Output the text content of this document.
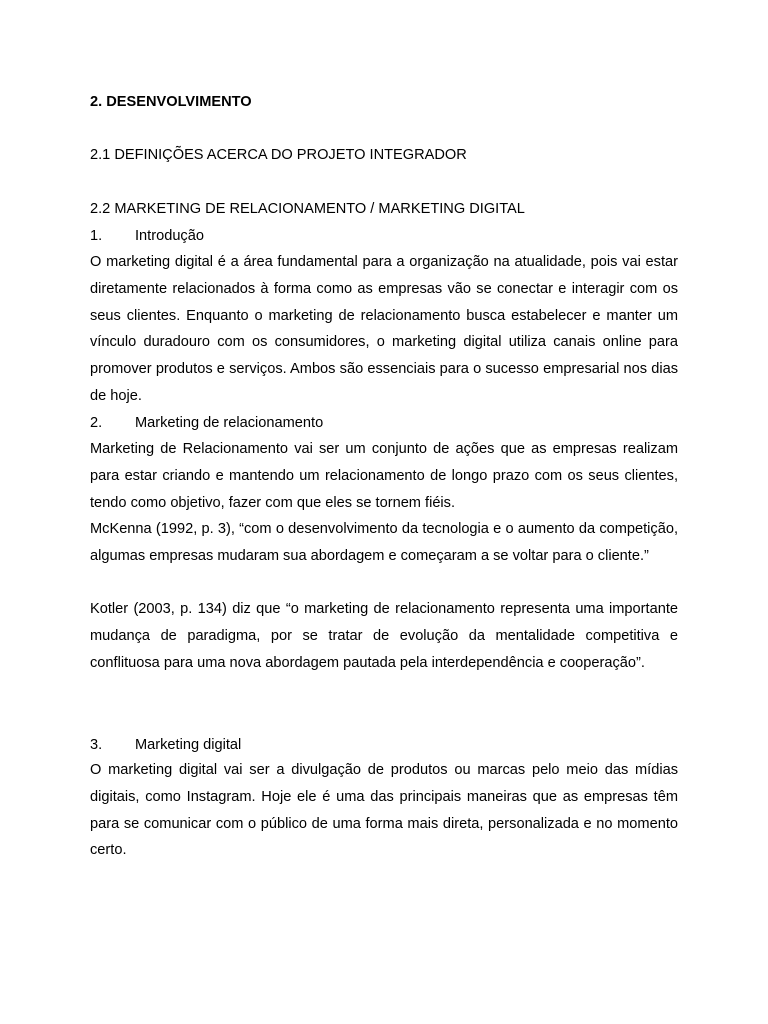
2. DESENVOLVIMENTO
2.1 DEFINIÇÕES ACERCA DO PROJETO INTEGRADOR
2.2 MARKETING DE RELACIONAMENTO / MARKETING DIGITAL
1. Introdução
O marketing digital é a área fundamental para a organização na atualidade, pois vai estar diretamente relacionados à forma como as empresas vão se conectar e interagir com os seus clientes. Enquanto o marketing de relacionamento busca estabelecer e manter um vínculo duradouro com os consumidores, o marketing digital utiliza canais online para promover produtos e serviços. Ambos são essenciais para o sucesso empresarial nos dias de hoje.
2. Marketing de relacionamento
Marketing de Relacionamento vai ser um conjunto de ações que as empresas realizam para estar criando e mantendo um relacionamento de longo prazo com os seus clientes, tendo como objetivo, fazer com que eles se tornem fiéis.
McKenna (1992, p. 3), “com o desenvolvimento da tecnologia e o aumento da competição, algumas empresas mudaram sua abordagem e começaram a se voltar para o cliente.”
Kotler (2003, p. 134) diz que “o marketing de relacionamento representa uma importante mudança de paradigma, por se tratar de evolução da mentalidade competitiva e conflituosa para uma nova abordagem pautada pela interdependência e cooperação”.
3. Marketing digital
O marketing digital vai ser a divulgação de produtos ou marcas pelo meio das mídias digitais, como Instagram. Hoje ele é uma das principais maneiras que as empresas têm para se comunicar com o público de uma forma mais direta, personalizada e no momento certo.
